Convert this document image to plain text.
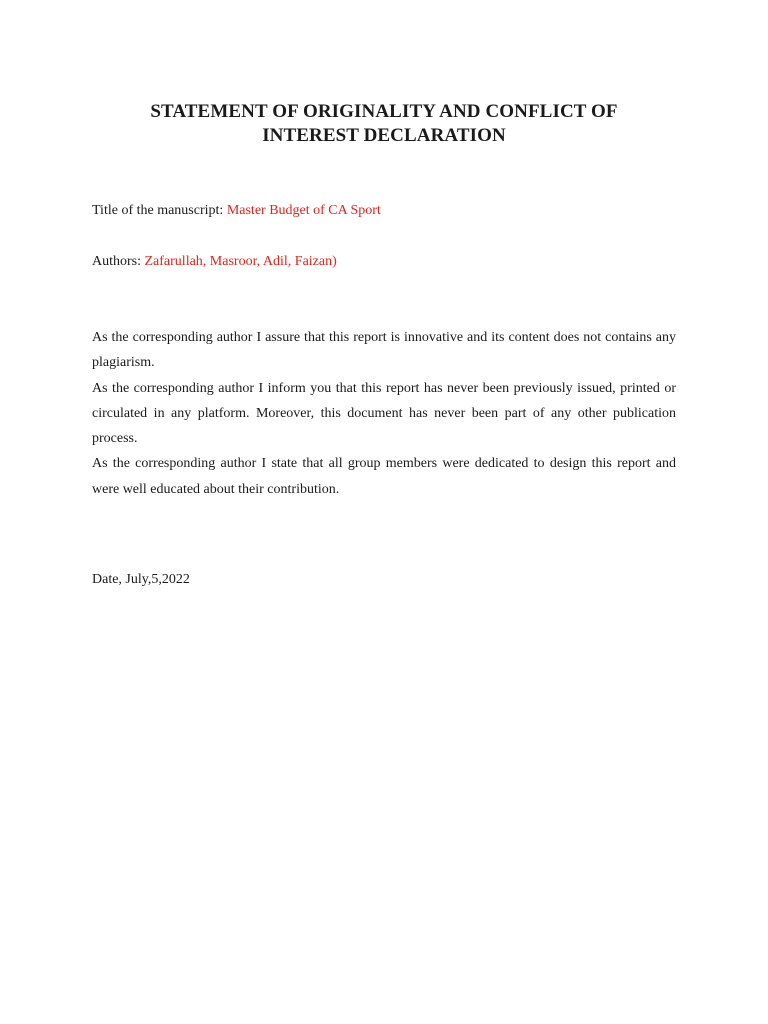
STATEMENT OF ORIGINALITY AND CONFLICT OF
INTEREST DECLARATION

Title of the manuscript: Master Budget of CA Sport

Authors: Zafarullah, Masroor, Adil, Faizan)

As the corresponding author I assure that this report is innovative and its content does not contains any plagiarism.

As the corresponding author I inform you that this report has never been previously issued, printed or circulated in any platform. Moreover, this document has never been part of any other publication process.

As the corresponding author I state that all group members were dedicated to design this report and were well educated about their contribution.

Date, July,5,2022
